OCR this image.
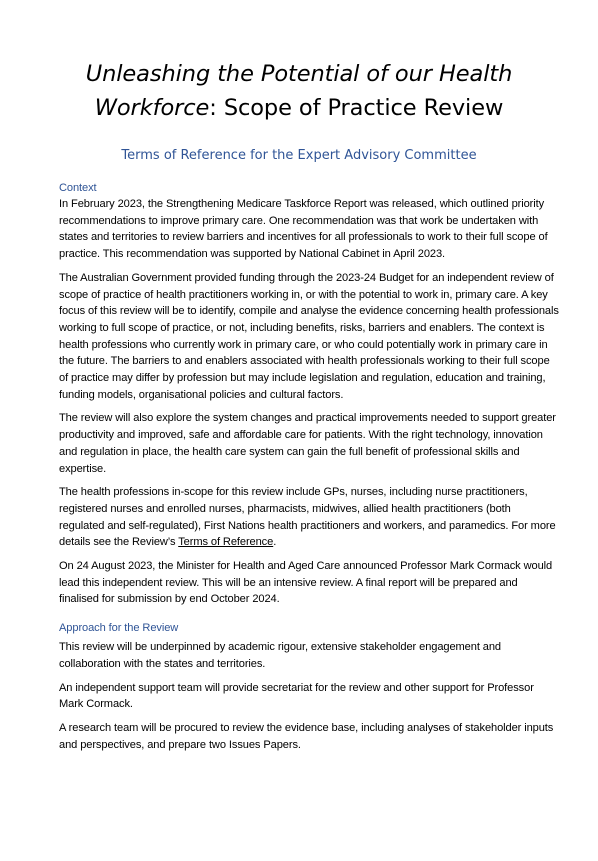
Unleashing the Potential of our Health Workforce: Scope of Practice Review
Terms of Reference for the Expert Advisory Committee
Context

In February 2023, the Strengthening Medicare Taskforce Report was released, which outlined priority recommendations to improve primary care. One recommendation was that work be undertaken with states and territories to review barriers and incentives for all professionals to work to their full scope of practice. This recommendation was supported by National Cabinet in April 2023.

The Australian Government provided funding through the 2023-24 Budget for an independent review of scope of practice of health practitioners working in, or with the potential to work in, primary care. A key focus of this review will be to identify, compile and analyse the evidence concerning health professionals working to full scope of practice, or not, including benefits, risks, barriers and enablers. The context is health professions who currently work in primary care, or who could potentially work in primary care in the future. The barriers to and enablers associated with health professionals working to their full scope of practice may differ by profession but may include legislation and regulation, education and training, funding models, organisational policies and cultural factors.

The review will also explore the system changes and practical improvements needed to support greater productivity and improved, safe and affordable care for patients. With the right technology, innovation and regulation in place, the health care system can gain the full benefit of professional skills and expertise.

The health professions in-scope for this review include GPs, nurses, including nurse practitioners, registered nurses and enrolled nurses, pharmacists, midwives, allied health practitioners (both regulated and self-regulated), First Nations health practitioners and workers, and paramedics. For more details see the Review’s Terms of Reference.

On 24 August 2023, the Minister for Health and Aged Care announced Professor Mark Cormack would lead this independent review. This will be an intensive review. A final report will be prepared and finalised for submission by end October 2024.

Approach for the Review

This review will be underpinned by academic rigour, extensive stakeholder engagement and collaboration with the states and territories.

An independent support team will provide secretariat for the review and other support for Professor Mark Cormack.

A research team will be procured to review the evidence base, including analyses of stakeholder inputs and perspectives, and prepare two Issues Papers.
